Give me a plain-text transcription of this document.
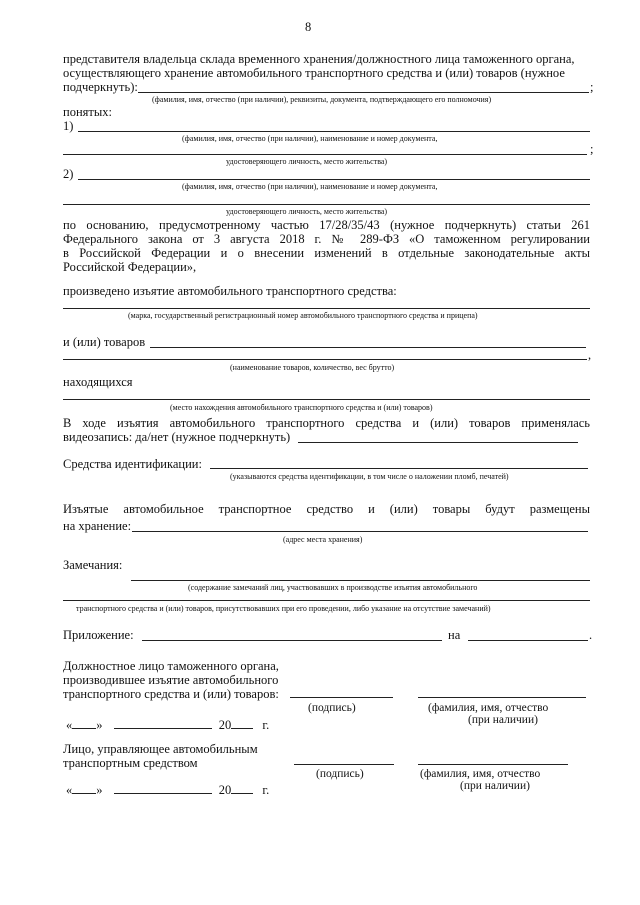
8
представителя владельца склада временного хранения/должностного лица таможенного органа,
осуществляющего хранение автомобильного транспортного средства и (или) товаров (нужное
подчеркнуть):	;
(фамилия, имя, отчество (при наличии), реквизиты, документа, подтверждающего его полномочия)
понятых:
1)
(фамилия, имя, отчество (при наличии), наименование и номер документа,
;
удостоверяющего личность, место жительства)
2)
(фамилия, имя, отчество (при наличии), наименование и номер документа,
удостоверяющего личность, место жительства)
по основанию, предусмотренному частью 17/28/35/43 (нужное подчеркнуть) статьи 261
Федерального закона от 3 августа 2018 г. № 289-ФЗ «О таможенном регулировании
в Российской Федерации и о внесении изменений в отдельные законодательные акты
Российской Федерации»,
произведено изъятие автомобильного транспортного средства:
(марка, государственный регистрационный номер автомобильного транспортного средства и прицепа)
и (или) товаров
,
(наименование товаров, количество, вес брутто)
находящихся
(место нахождения автомобильного транспортного средства и (или) товаров)
В ходе изъятия автомобильного транспортного средства и (или) товаров применялась
видеозапись: да/нет (нужное подчеркнуть)
Средства идентификации:
(указываются средства идентификации, в том числе о наложении пломб, печатей)
Изъятые автомобильное транспортное средство и (или) товары будут размещены
на хранение:
(адрес места хранения)
Замечания:
(содержание замечаний лиц, участвовавших в производстве изъятия автомобильного
транспортного средства и (или) товаров, присутствовавших при его проведении, либо указание на отсутствие замечаний)
Приложение:	на	.
Должностное лицо таможенного органа,
производившее изъятие автомобильного
транспортного средства и (или) товаров:
(подпись)	(фамилия, имя, отчество
(при наличии)
« »	20 г.
Лицо, управляющее автомобильным
транспортным средством
(подпись)	(фамилия, имя, отчество
(при наличии)
« »	20 г.
